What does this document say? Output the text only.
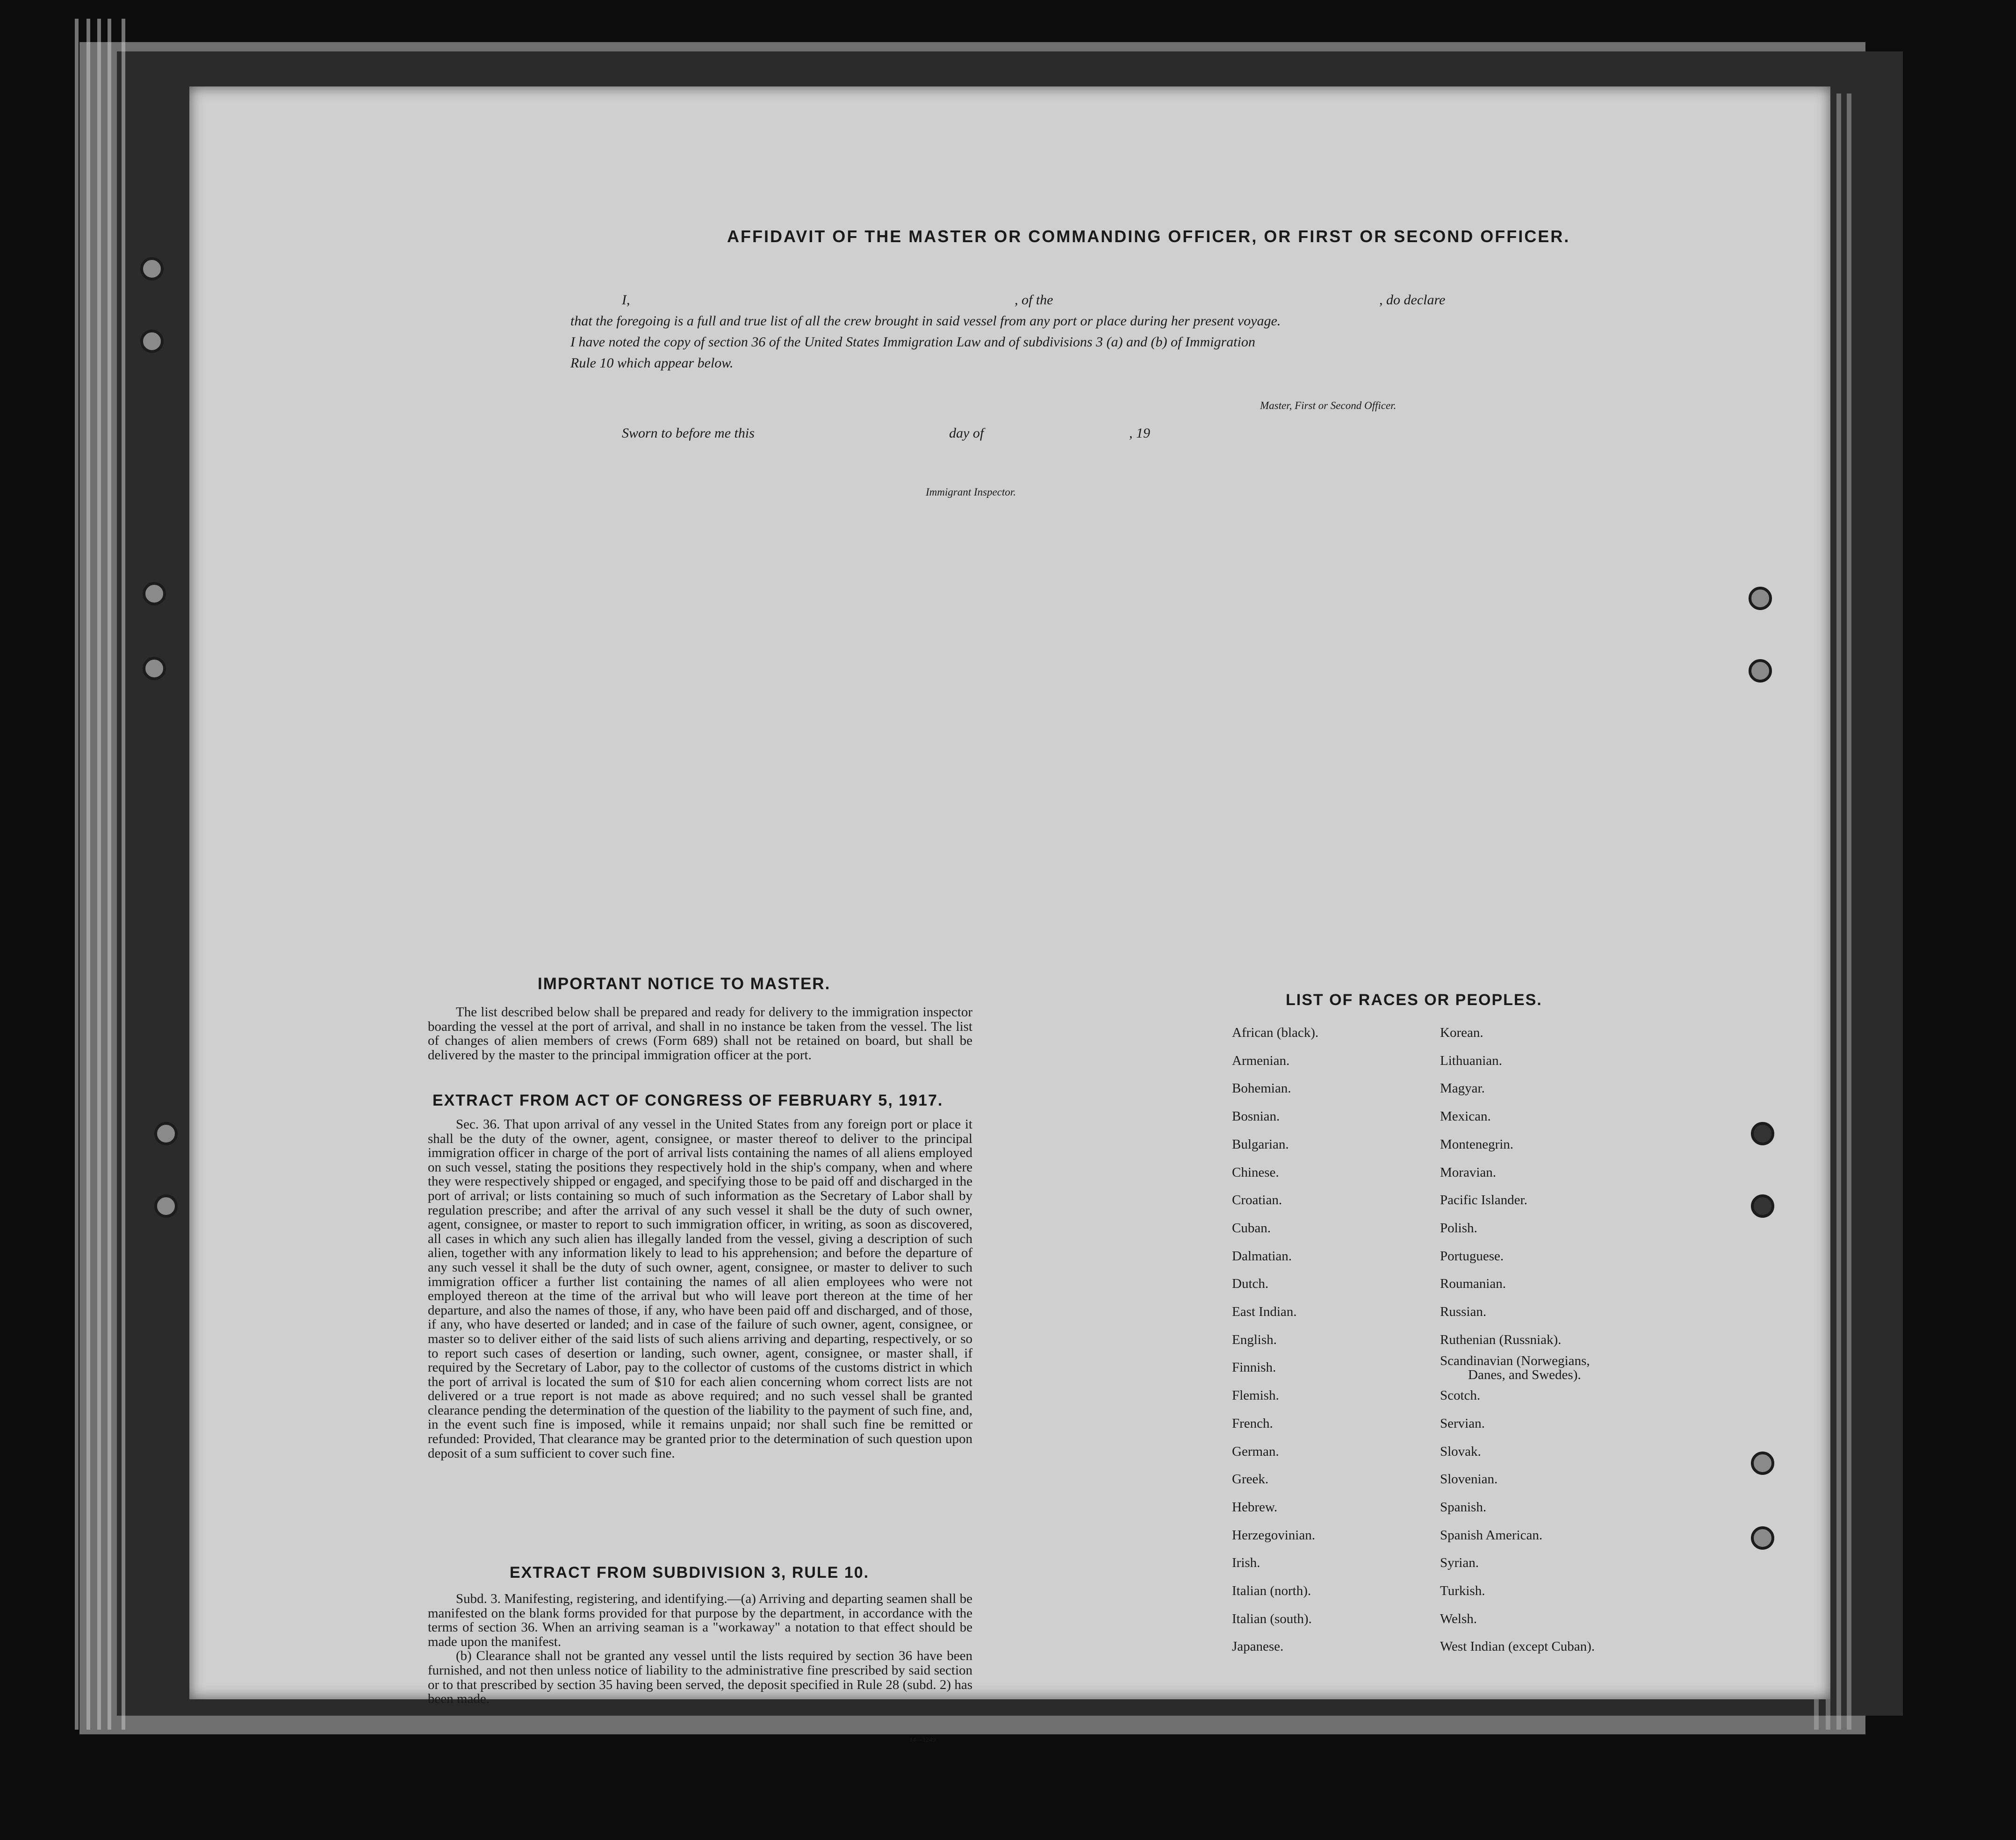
AFFIDAVIT OF THE MASTER OR COMMANDING OFFICER, OR FIRST OR SECOND OFFICER.
I,	, of the	, do declare
that the foregoing is a full and true list of all the crew brought in said vessel from any port or place during her present voyage.
I have noted the copy of section 36 of the United States Immigration Law and of subdivisions 3 (a) and (b) of Immigration
Rule 10 which appear below.
Master, First or Second Officer.
Sworn to before me this	day of	, 19
Immigrant Inspector.
IMPORTANT NOTICE TO MASTER.

The list described below shall be prepared and ready for delivery to the immigration inspector boarding the vessel at the port of arrival, and shall in no instance be taken from the vessel. The list of changes of alien members of crews (Form 689) shall not be retained on board, but shall be delivered by the master to the principal immigration officer at the port.

EXTRACT FROM ACT OF CONGRESS OF FEBRUARY 5, 1917.

Sec. 36. That upon arrival of any vessel in the United States from any foreign port or place it shall be the duty of the owner, agent, consignee, or master thereof to deliver to the principal immigration officer in charge of the port of arrival lists containing the names of all aliens employed on such vessel, stating the positions they respectively hold in the ship's company, when and where they were respectively shipped or engaged, and specifying those to be paid off and discharged in the port of arrival; or lists containing so much of such information as the Secretary of Labor shall by regulation prescribe; and after the arrival of any such vessel it shall be the duty of such owner, agent, consignee, or master to report to such immigration officer, in writing, as soon as discovered, all cases in which any such alien has illegally landed from the vessel, giving a description of such alien, together with any information likely to lead to his apprehension; and before the departure of any such vessel it shall be the duty of such owner, agent, consignee, or master to deliver to such immigration officer a further list containing the names of all alien employees who were not employed thereon at the time of the arrival but who will leave port thereon at the time of her departure, and also the names of those, if any, who have been paid off and discharged, and of those, if any, who have deserted or landed; and in case of the failure of such owner, agent, consignee, or master so to deliver either of the said lists of such aliens arriving and departing, respectively, or so to report such cases of desertion or landing, such owner, agent, consignee, or master shall, if required by the Secretary of Labor, pay to the collector of customs of the customs district in which the port of arrival is located the sum of $10 for each alien concerning whom correct lists are not delivered or a true report is not made as above required; and no such vessel shall be granted clearance pending the determination of the question of the liability to the payment of such fine, and, in the event such fine is imposed, while it remains unpaid; nor shall such fine be remitted or refunded: Provided, That clearance may be granted prior to the determination of such question upon deposit of a sum sufficient to cover such fine.

EXTRACT FROM SUBDIVISION 3, RULE 10.

Subd. 3. Manifesting, registering, and identifying.—(a) Arriving and departing seamen shall be manifested on the blank forms provided for that purpose by the department, in accordance with the terms of section 36. When an arriving seaman is a "workaway" a notation to that effect should be made upon the manifest.

(b) Clearance shall not be granted any vessel until the lists required by section 36 have been furnished, and not then unless notice of liability to the administrative fine prescribed by said section or to that prescribed by section 35 having been served, the deposit specified in Rule 28 (subd. 2) has been made.

14—1249
LIST OF RACES OR PEOPLES.
African (black).
Armenian.
Bohemian.
Bosnian.
Bulgarian.
Chinese.
Croatian.
Cuban.
Dalmatian.
Dutch.
East Indian.
English.
Finnish.
Flemish.
French.
German.
Greek.
Hebrew.
Herzegovinian.
Irish.
Italian (north).
Italian (south).
Japanese.
Korean.
Lithuanian.
Magyar.
Mexican.
Montenegrin.
Moravian.
Pacific Islander.
Polish.
Portuguese.
Roumanian.
Russian.
Ruthenian (Russniak).
Scandinavian (Norwegians,
Danes, and Swedes).
Scotch.
Servian.
Slovak.
Slovenian.
Spanish.
Spanish American.
Syrian.
Turkish.
Welsh.
West Indian (except Cuban).
